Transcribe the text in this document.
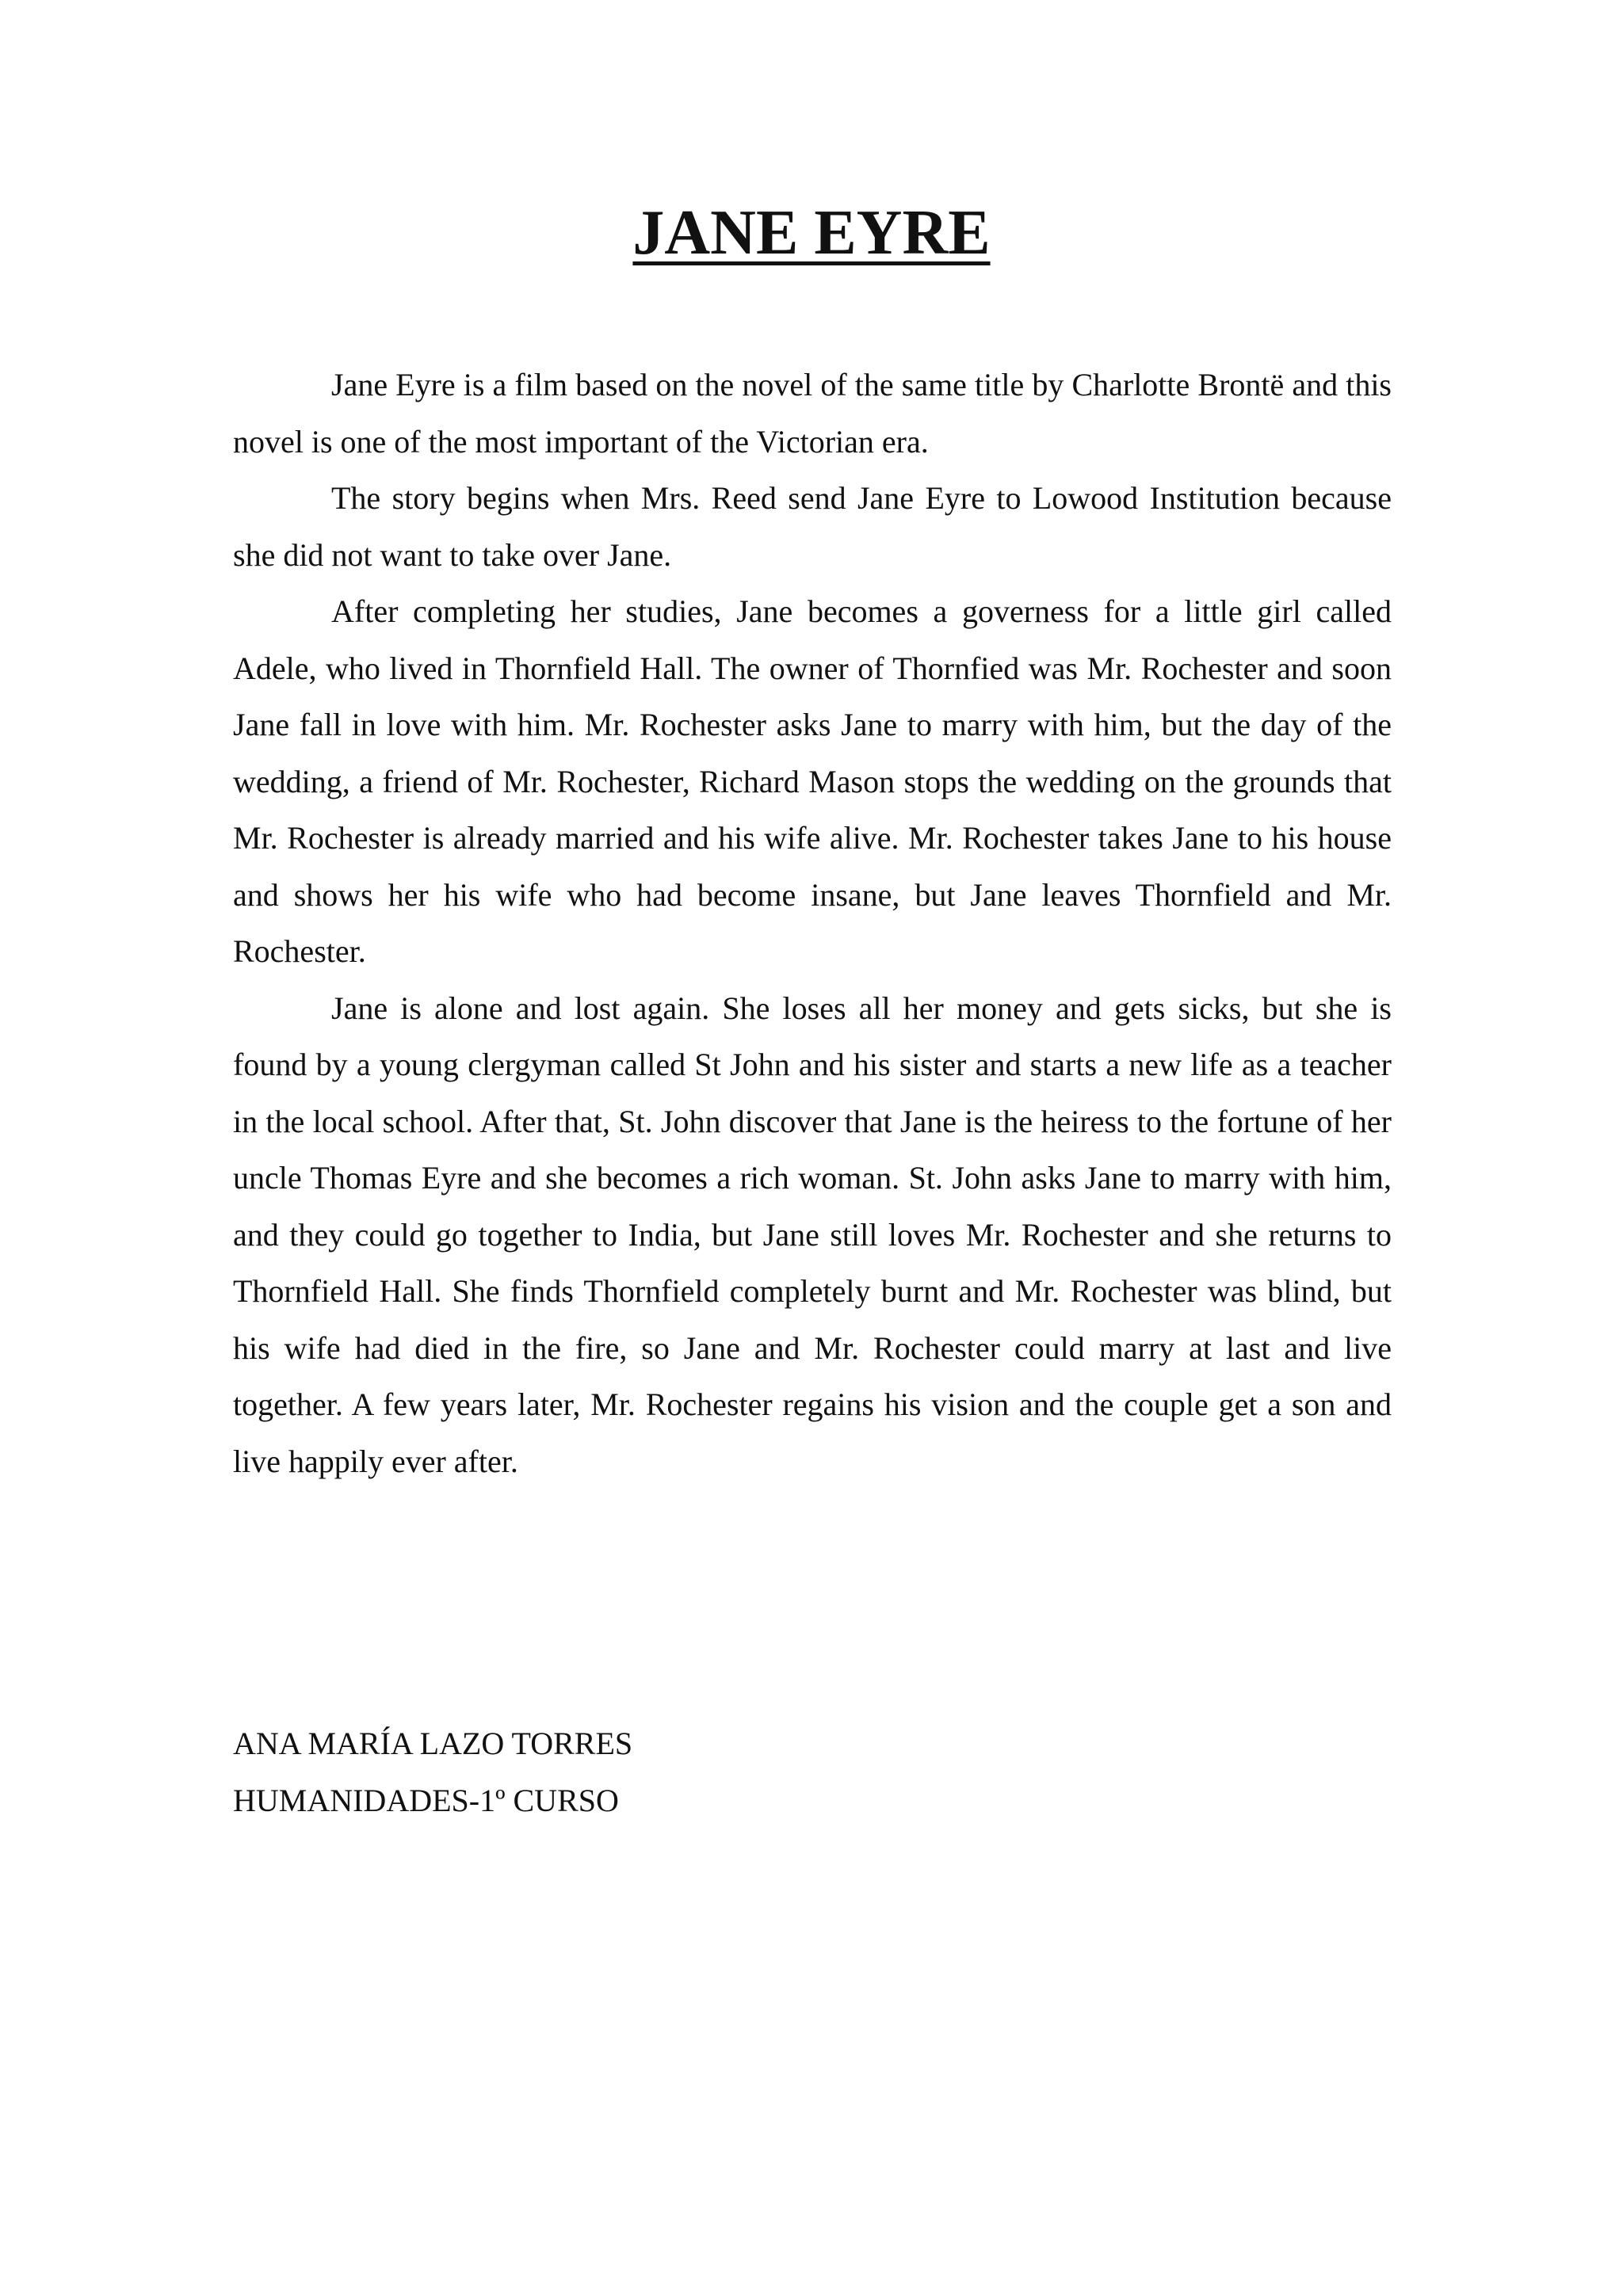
JANE EYRE

Jane Eyre is a film based on the novel of the same title by Charlotte Brontë and this novel is one of the most important of the Victorian era.

The story begins when Mrs. Reed send Jane Eyre to Lowood Institution because she did not want to take over Jane.

After completing her studies, Jane becomes a governess for a little girl called Adele, who lived in Thornfield Hall. The owner of Thornfied was Mr. Rochester and soon Jane fall in love with him. Mr. Rochester asks Jane to marry with him, but the day of the wedding, a friend of Mr. Rochester, Richard Mason stops the wedding on the grounds that Mr. Rochester is already married and his wife alive. Mr. Rochester takes Jane to his house and shows her his wife who had become insane, but Jane leaves Thornfield and Mr. Rochester.

Jane is alone and lost again. She loses all her money and gets sicks, but she is found by a young clergyman called St John and his sister and starts a new life as a teacher in the local school. After that, St. John discover that Jane is the heiress to the fortune of her uncle Thomas Eyre and she becomes a rich woman. St. John asks Jane to marry with him, and they could go together to India, but Jane still loves Mr. Rochester and she returns to Thornfield Hall. She finds Thornfield completely burnt and Mr. Rochester was blind, but his wife had died in the fire, so Jane and Mr. Rochester could marry at last and live together. A few years later, Mr. Rochester regains his vision and the couple get a son and live happily ever after.

ANA MARÍA LAZO TORRES
HUMANIDADES-1º CURSO
